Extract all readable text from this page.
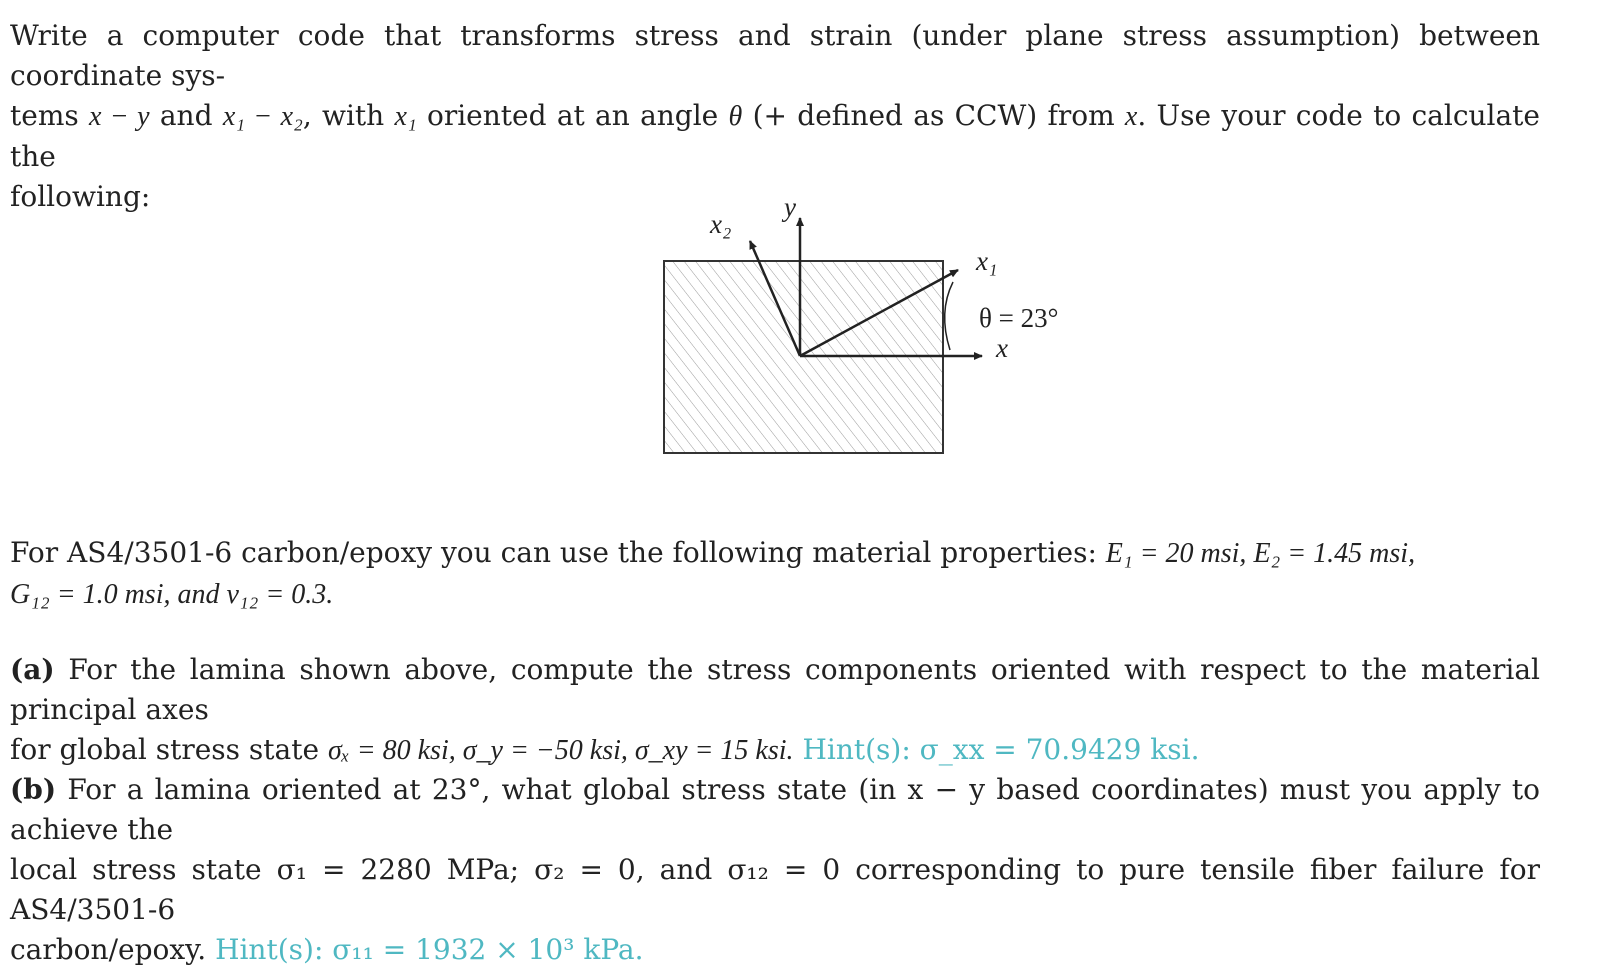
Write a computer code that transforms stress and strain (under plane stress assumption) between coordinate sys-
tems x − y and x₁ − x₂, with x₁ oriented at an angle θ (+ defined as CCW) from x. Use your code to calculate the
following:

x₂
y
x₁
θ = 23°
x

For AS4/3501-6 carbon/epoxy you can use the following material properties: E₁ = 20 msi, E₂ = 1.45 msi,
G₁₂ = 1.0 msi, and ν₁₂ = 0.3.

(a) For the lamina shown above, compute the stress components oriented with respect to the material principal axes
for global stress state σₓ = 80 ksi, σ_y = −50 ksi, σ_xy = 15 ksi. Hint(s): σ_xx = 70.9429 ksi.

(b) For a lamina oriented at 23°, what global stress state (in x − y based coordinates) must you apply to achieve the
local stress state σ₁ = 2280 MPa; σ₂ = 0, and σ₁₂ = 0 corresponding to pure tensile fiber failure for AS4/3501-6
carbon/epoxy. Hint(s): σ₁₁ = 1932 × 10³ kPa.
